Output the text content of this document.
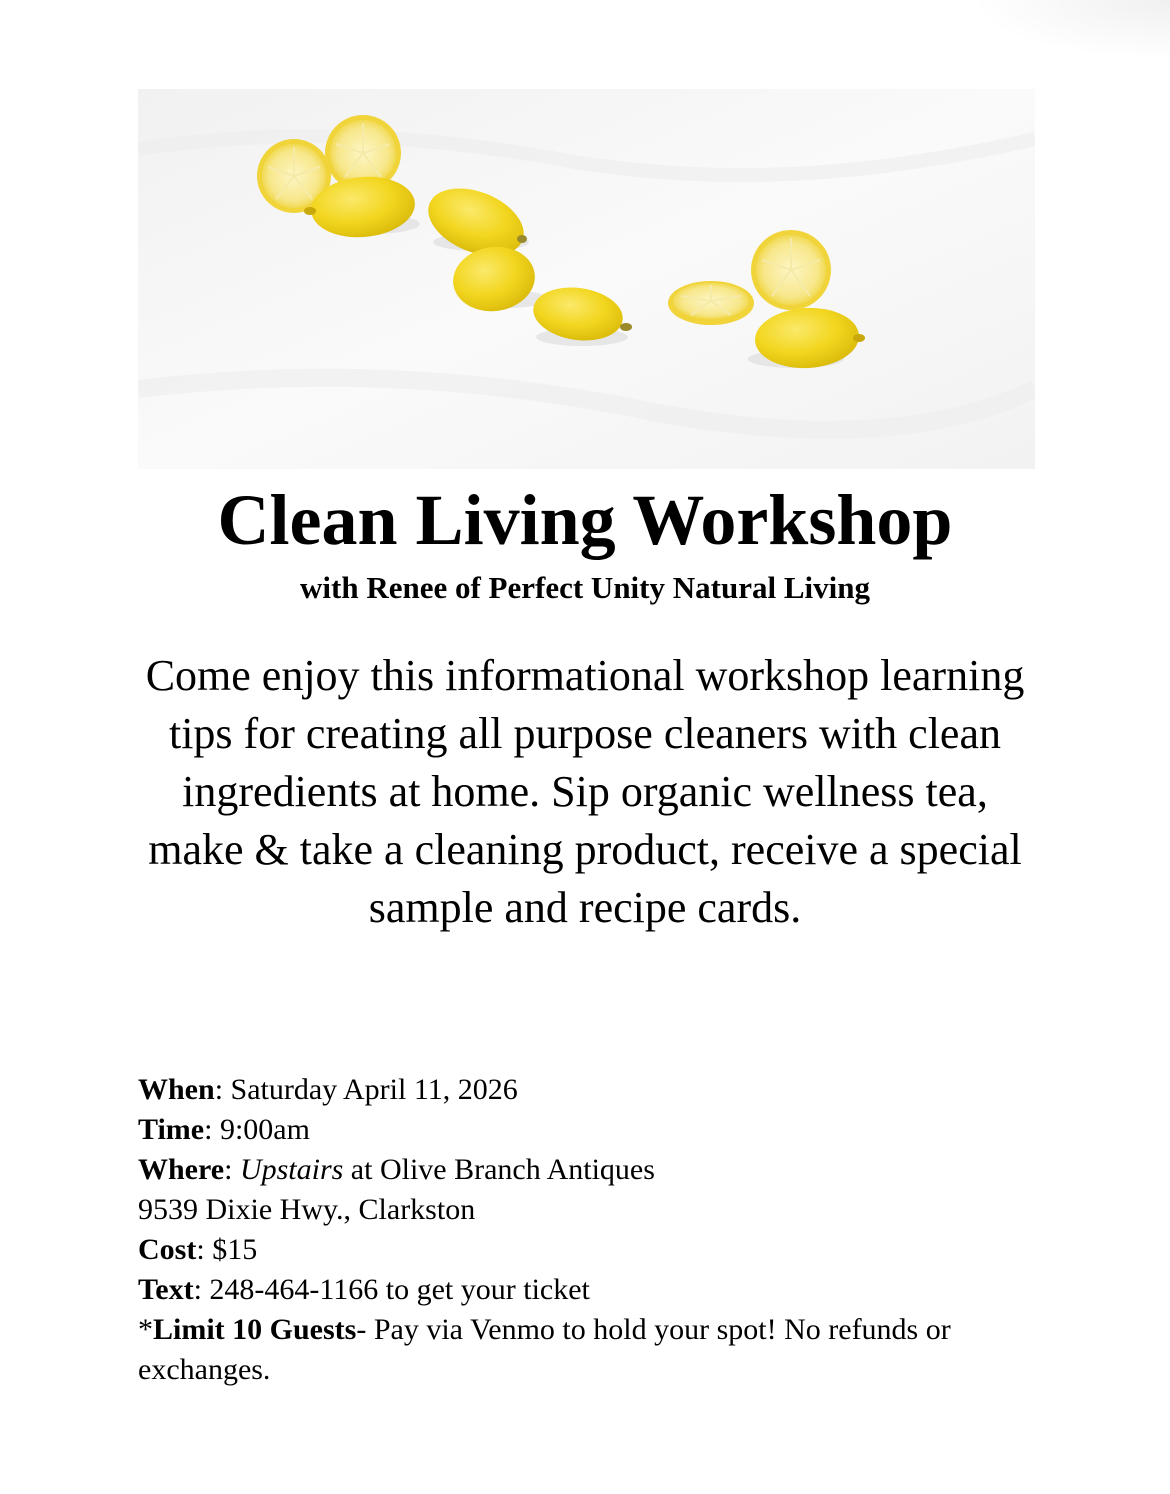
Clean Living Workshop
with Renee of Perfect Unity Natural Living

Come enjoy this informational workshop learning tips for creating all purpose cleaners with clean ingredients at home. Sip organic wellness tea, make & take a cleaning product, receive a special sample and recipe cards.

When: Saturday April 11, 2026
Time: 9:00am
Where: Upstairs at Olive Branch Antiques
9539 Dixie Hwy., Clarkston
Cost: $15
Text: 248-464-1166 to get your ticket
*Limit 10 Guests- Pay via Venmo to hold your spot! No refunds or exchanges.
